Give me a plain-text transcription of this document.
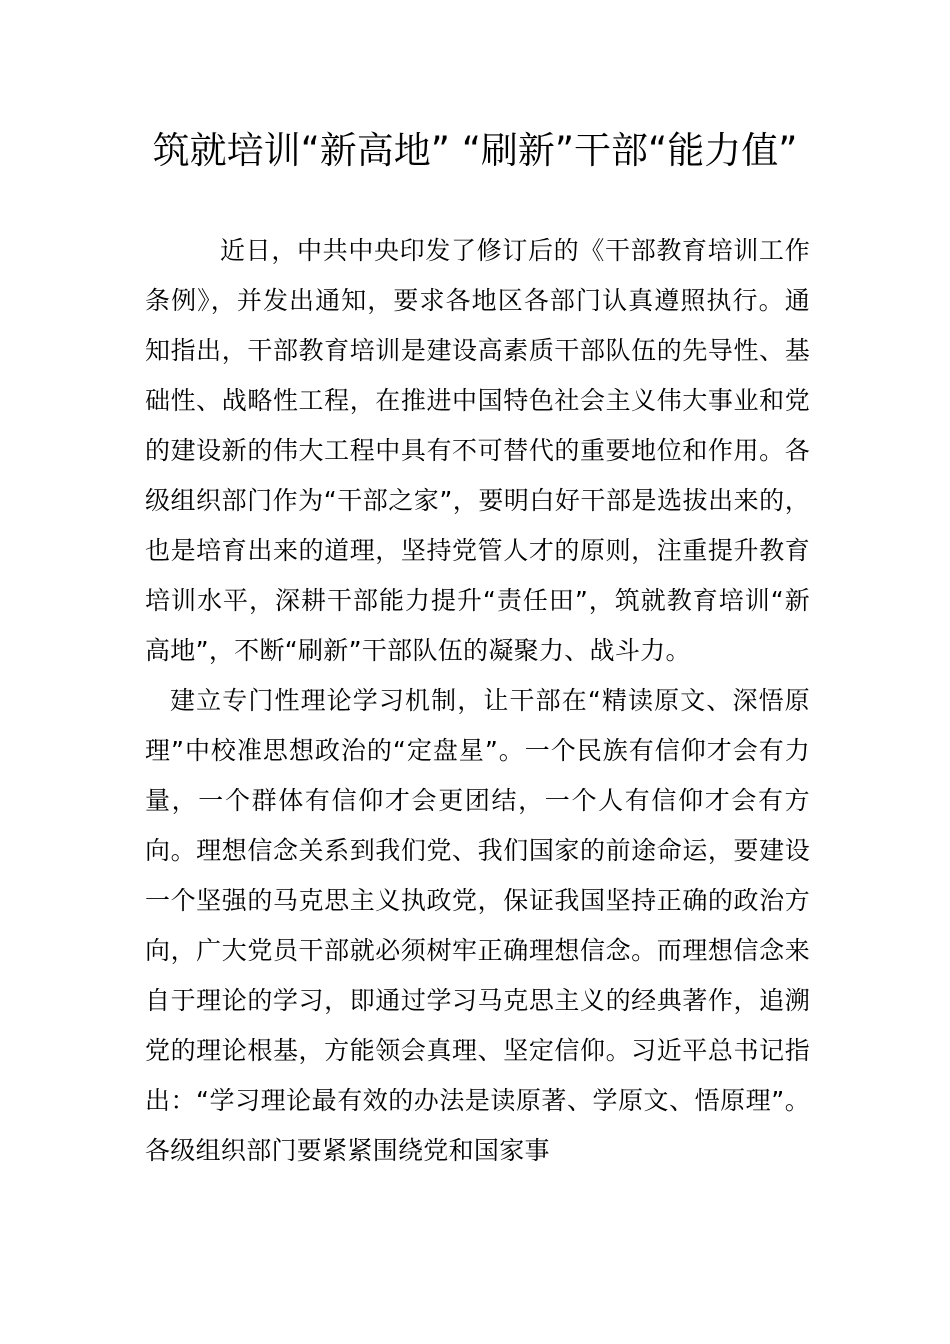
筑就培训“新高地” “刷新”干部“能力值”

近日，中共中央印发了修订后的《干部教育培训工作条例》，并发出通知，要求各地区各部门认真遵照执行。通知指出，干部教育培训是建设高素质干部队伍的先导性、基础性、战略性工程，在推进中国特色社会主义伟大事业和党的建设新的伟大工程中具有不可替代的重要地位和作用。各级组织部门作为“干部之家”，要明白好干部是选拔出来的，也是培育出来的道理，坚持党管人才的原则，注重提升教育培训水平，深耕干部能力提升“责任田”，筑就教育培训“新高地”，不断“刷新”干部队伍的凝聚力、战斗力。

建立专门性理论学习机制，让干部在“精读原文、深悟原理”中校准思想政治的“定盘星”。一个民族有信仰才会有力量，一个群体有信仰才会更团结，一个人有信仰才会有方向。理想信念关系到我们党、我们国家的前途命运，要建设一个坚强的马克思主义执政党，保证我国坚持正确的政治方向，广大党员干部就必须树牢正确理想信念。而理想信念来自于理论的学习，即通过学习马克思主义的经典著作，追溯党的理论根基，方能领会真理、坚定信仰。习近平总书记指出：“学习理论最有效的办法是读原著、学原文、悟原理”。各级组织部门要紧紧围绕党和国家事
